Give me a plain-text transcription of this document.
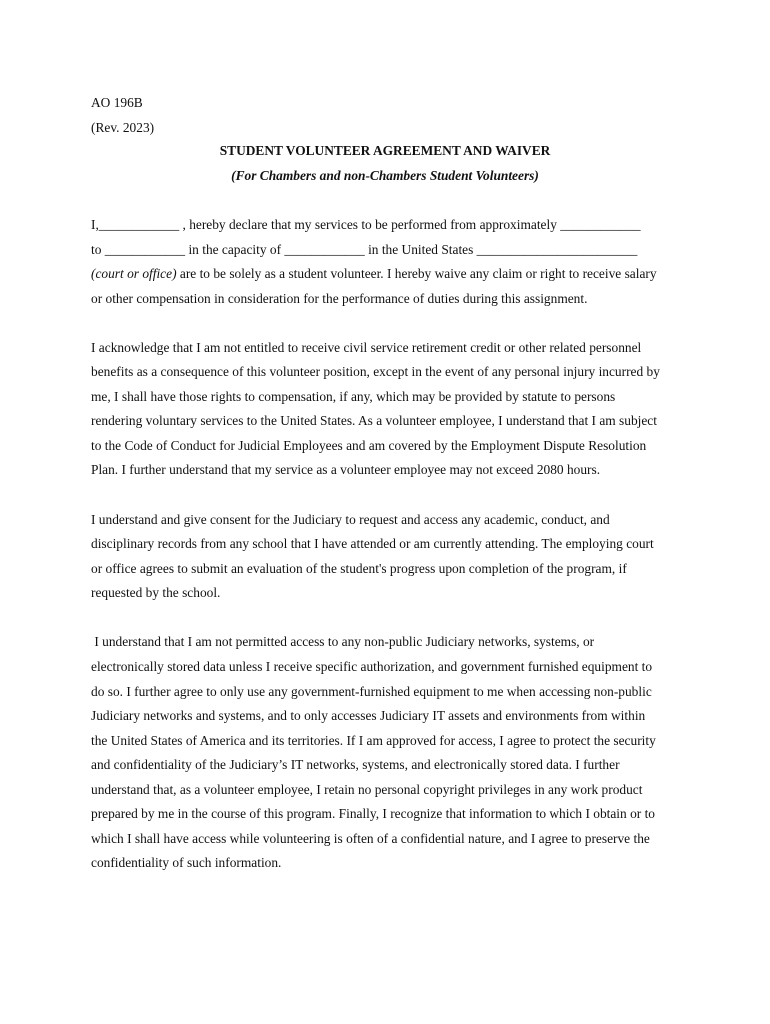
AO 196B
(Rev. 2023)
STUDENT VOLUNTEER AGREEMENT AND WAIVER
(For Chambers and non-Chambers Student Volunteers)
I,____________ , hereby declare that my services to be performed from approximately ____________
to ____________ in the capacity of ____________ in the United States ________________________
(court or office) are to be solely as a student volunteer. I hereby waive any claim or right to receive salary
or other compensation in consideration for the performance of duties during this assignment.
I acknowledge that I am not entitled to receive civil service retirement credit or other related personnel
benefits as a consequence of this volunteer position, except in the event of any personal injury incurred by
me, I shall have those rights to compensation, if any, which may be provided by statute to persons
rendering voluntary services to the United States. As a volunteer employee, I understand that I am subject
to the Code of Conduct for Judicial Employees and am covered by the Employment Dispute Resolution
Plan. I further understand that my service as a volunteer employee may not exceed 2080 hours.
I understand and give consent for the Judiciary to request and access any academic, conduct, and
disciplinary records from any school that I have attended or am currently attending. The employing court
or office agrees to submit an evaluation of the student's progress upon completion of the program, if
requested by the school.
I understand that I am not permitted access to any non-public Judiciary networks, systems, or
electronically stored data unless I receive specific authorization, and government furnished equipment to
do so. I further agree to only use any government-furnished equipment to me when accessing non-public
Judiciary networks and systems, and to only accesses Judiciary IT assets and environments from within
the United States of America and its territories. If I am approved for access, I agree to protect the security
and confidentiality of the Judiciary’s IT networks, systems, and electronically stored data. I further
understand that, as a volunteer employee, I retain no personal copyright privileges in any work product
prepared by me in the course of this program. Finally, I recognize that information to which I obtain or to
which I shall have access while volunteering is often of a confidential nature, and I agree to preserve the
confidentiality of such information.
